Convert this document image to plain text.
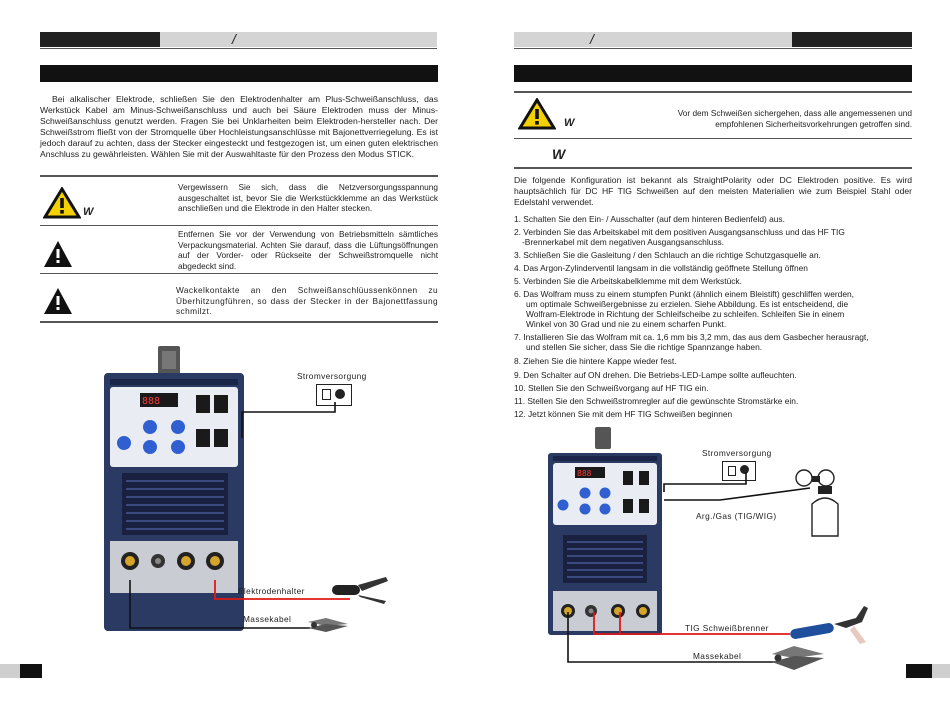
/
Bei alkalischer Elektrode, schließen Sie den Elektrodenhalter am Plus-Schweißanschluss, das Werkstück Kabel am Minus-Schweißanschluss und auch bei Säure Elektroden muss der Minus-Schweißanschluss genutzt werden. Fragen Sie bei Unklarheiten beim Elektroden-hersteller nach. Der Schweißstrom fließt von der Stromquelle über Hochleistungsanschlüsse mit Bajonettverriegelung. Es ist jedoch darauf zu achten, dass der Stecker eingesteckt und festgezogen ist, um einen guten elektrischen Anschluss zu gewährleisten. Wählen Sie mit der Auswahltaste für den Prozess den Modus STICK.
W
Vergewissern Sie sich, dass die Netzversorgungsspannung ausgeschaltet ist, bevor Sie die Werkstückklemme an das Werkstück anschließen und die Elektrode in den Halter stecken.
Entfernen Sie vor der Verwendung von Betriebsmitteln sämtliches Verpackungsmaterial. Achten Sie darauf, dass die Lüftungsöffnungen auf der Vorder- oder Rückseite der Schweißstromquelle nicht abgedeckt sind.
Wackelkontakte an den Schweißanschlüussenkönnen zu Überhitzungführen, so dass der Stecker in der Bajonettfassung schmilzt.
888
Stromversorgung
Elektrodenhalter
Massekabel
/
W
Vor dem Schweißen sichergehen, dass alle angemessenen und empfohlenen Sicherheitsvorkehrungen getroffen sind.
W
Die folgende Konfiguration ist bekannt als StraightPolarity oder DC Elektroden positive. Es wird hauptsächlich für DC HF TIG Schweißen auf den meisten Materialien wie zum Beispiel Stahl oder Edelstahl verwendet.
1. Schalten Sie den Ein- / Ausschalter (auf dem hinteren Bedienfeld) aus.
2. Verbinden Sie das Arbeitskabel mit dem positiven Ausgangsanschluss und das HF TIG
-Brennerkabel mit dem negativen Ausgangsanschluss.
3. Schließen Sie die Gasleitung / den Schlauch an die richtige Schutzgasquelle an.
4. Das Argon-Zylinderventil langsam in die vollständig geöffnete Stellung öffnen
5. Verbinden Sie die Arbeitskabelklemme mit dem Werkstück.
6. Das Wolfram muss zu einem stumpfen Punkt (ähnlich einem Bleistift) geschliffen werden,
um optimale Schweißergebnisse zu erzielen. Siehe Abbildung. Es ist entscheidend, die
Wolfram-Elektrode in Richtung der Schleifscheibe zu schleifen. Schleifen Sie in einem
Winkel von 30 Grad und nie zu einem scharfen Punkt.
7. Installieren Sie das Wolfram mit ca. 1,6 mm bis 3,2 mm, das aus dem Gasbecher herausragt,
und stellen Sie sicher, dass Sie die richtige Spannzange haben.
8. Ziehen Sie die hintere Kappe wieder fest.
9. Den Schalter auf ON drehen. Die Betriebs-LED-Lampe sollte aufleuchten.
10. Stellen Sie den Schweißvorgang auf HF TIG ein.
11. Stellen Sie den Schweißstromregler auf die gewünschte Stromstärke ein.
12. Jetzt können Sie mit dem HF TIG Schweißen beginnen
888
Stromversorgung
Arg./Gas (TIG/WIG)
TIG Schweißbrenner
Massekabel
